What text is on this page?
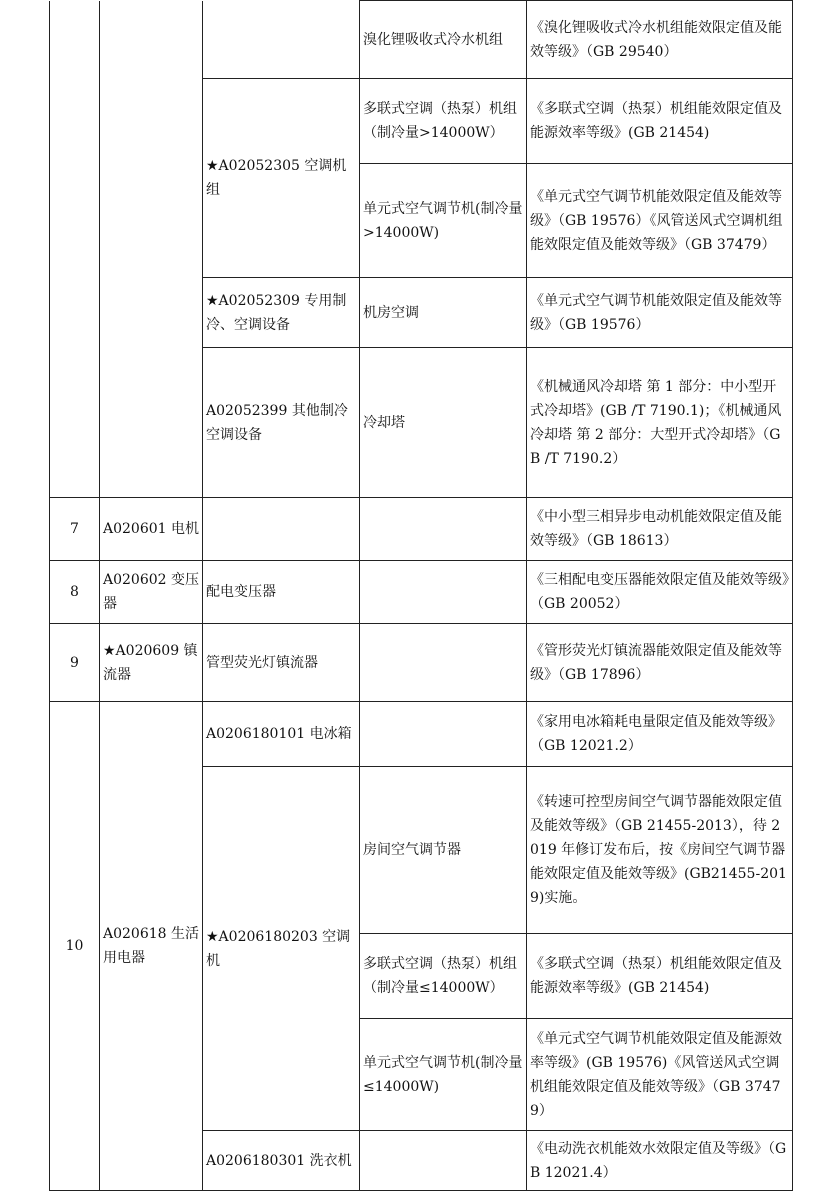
			溴化锂吸收式冷水机组	《溴化锂吸收式冷水机组能效限定值及能效等级》（GB 29540）
		★A02052305 空调机组	多联式空调（热泵）机组（制冷量>14000W）	《多联式空调（热泵）机组能效限定值及能源效率等级》(GB 21454)
			单元式空气调节机(制冷量>14000W)	《单元式空气调节机能效限定值及能效等级》（GB 19576）《风管送风式空调机组能效限定值及能效等级》（GB 37479）
		★A02052309 专用制冷、空调设备	机房空调	《单元式空气调节机能效限定值及能效等级》（GB 19576）
		A02052399 其他制冷空调设备	冷却塔	《机械通风冷却塔 第 1 部分：中小型开式冷却塔》(GB /T 7190.1)；《机械通风冷却塔 第 2 部分：大型开式冷却塔》（GB /T 7190.2）
7	A020601 电机			《中小型三相异步电动机能效限定值及能效等级》（GB 18613）
8	A020602 变压器	配电变压器		《三相配电变压器能效限定值及能效等级》（GB 20052）
9	★A020609 镇流器	管型荧光灯镇流器		《管形荧光灯镇流器能效限定值及能效等级》（GB 17896）
10	A020618 生活用电器	A0206180101 电冰箱		《家用电冰箱耗电量限定值及能效等级》（GB 12021.2）
		★A0206180203 空调机	房间空气调节器	《转速可控型房间空气调节器能效限定值及能效等级》（GB 21455-2013），待 2019 年修订发布后，按《房间空气调节器能效限定值及能效等级》(GB21455-2019)实施。
			多联式空调（热泵）机组（制冷量≤14000W）	《多联式空调（热泵）机组能效限定值及能源效率等级》(GB 21454)
			单元式空气调节机(制冷量≤14000W)	《单元式空气调节机能效限定值及能源效率等级》(GB 19576)《风管送风式空调机组能效限定值及能效等级》（GB 37479）
		A0206180301 洗衣机		《电动洗衣机能效水效限定值及等级》（GB 12021.4）
